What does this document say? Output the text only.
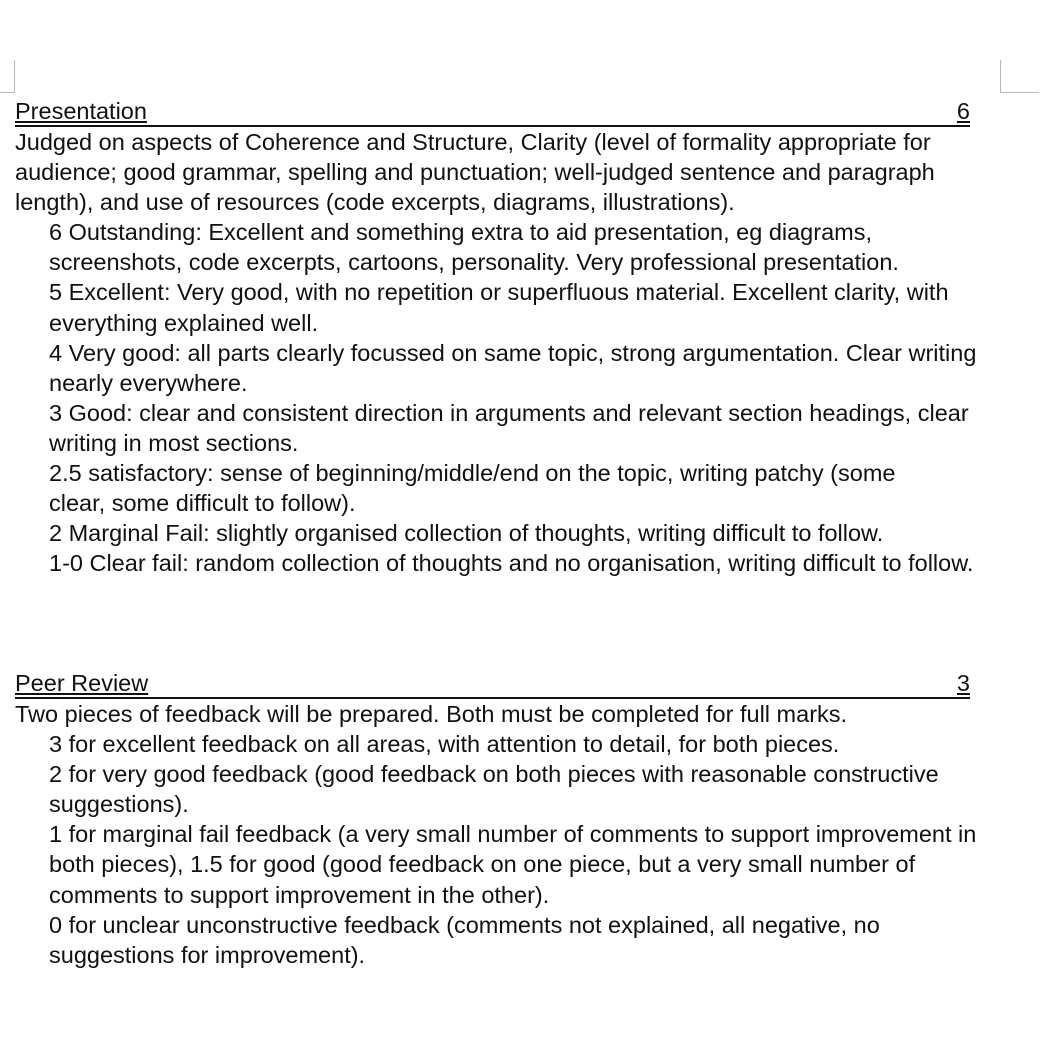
Presentation	6

Judged on aspects of Coherence and Structure, Clarity (level of formality appropriate for audience; good grammar, spelling and punctuation; well-judged sentence and paragraph length), and use of resources (code excerpts, diagrams, illustrations).

6 Outstanding: Excellent and something extra to aid presentation, eg diagrams, screenshots, code excerpts, cartoons, personality. Very professional presentation.

5 Excellent: Very good, with no repetition or superfluous material. Excellent clarity, with everything explained well.

4 Very good: all parts clearly focussed on same topic, strong argumentation. Clear writing nearly everywhere.

3 Good: clear and consistent direction in arguments and relevant section headings, clear writing in most sections.

2.5 satisfactory: sense of beginning/middle/end on the topic, writing patchy (some clear, some difficult to follow).

2 Marginal Fail: slightly organised collection of thoughts, writing difficult to follow.

1-0 Clear fail: random collection of thoughts and no organisation, writing difficult to follow.

Peer Review	3

Two pieces of feedback will be prepared. Both must be completed for full marks.

3 for excellent feedback on all areas, with attention to detail, for both pieces.

2 for very good feedback (good feedback on both pieces with reasonable constructive suggestions).

1 for marginal fail feedback (a very small number of comments to support improvement in both pieces), 1.5 for good (good feedback on one piece, but a very small number of comments to support improvement in the other).

0 for unclear unconstructive feedback (comments not explained, all negative, no suggestions for improvement).
